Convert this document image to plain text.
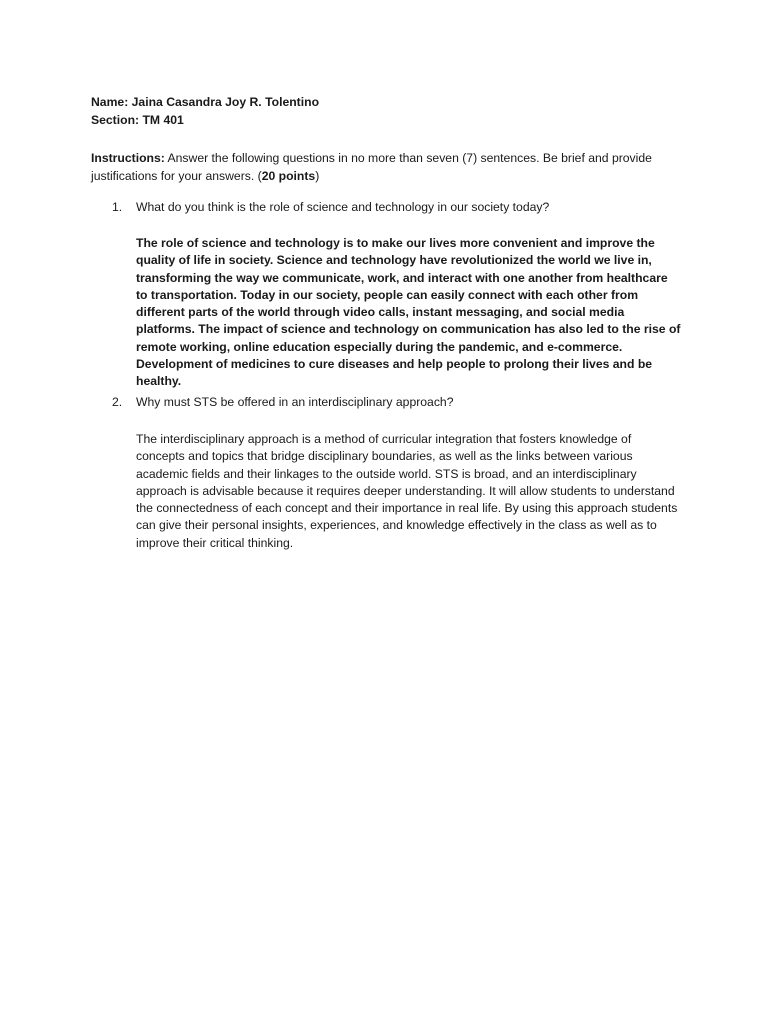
Name: Jaina Casandra Joy R. Tolentino
Section: TM 401
Instructions: Answer the following questions in no more than seven (7) sentences. Be brief and provide justifications for your answers. (20 points)
1. What do you think is the role of science and technology in our society today?
The role of science and technology is to make our lives more convenient and improve the quality of life in society. Science and technology have revolutionized the world we live in, transforming the way we communicate, work, and interact with one another from healthcare to transportation. Today in our society, people can easily connect with each other from different parts of the world through video calls, instant messaging, and social media platforms. The impact of science and technology on communication has also led to the rise of remote working, online education especially during the pandemic, and e-commerce. Development of medicines to cure diseases and help people to prolong their lives and be healthy.
2. Why must STS be offered in an interdisciplinary approach?
The interdisciplinary approach is a method of curricular integration that fosters knowledge of concepts and topics that bridge disciplinary boundaries, as well as the links between various academic fields and their linkages to the outside world. STS is broad, and an interdisciplinary approach is advisable because it requires deeper understanding. It will allow students to understand the connectedness of each concept and their importance in real life. By using this approach students can give their personal insights, experiences, and knowledge effectively in the class as well as to improve their critical thinking.
